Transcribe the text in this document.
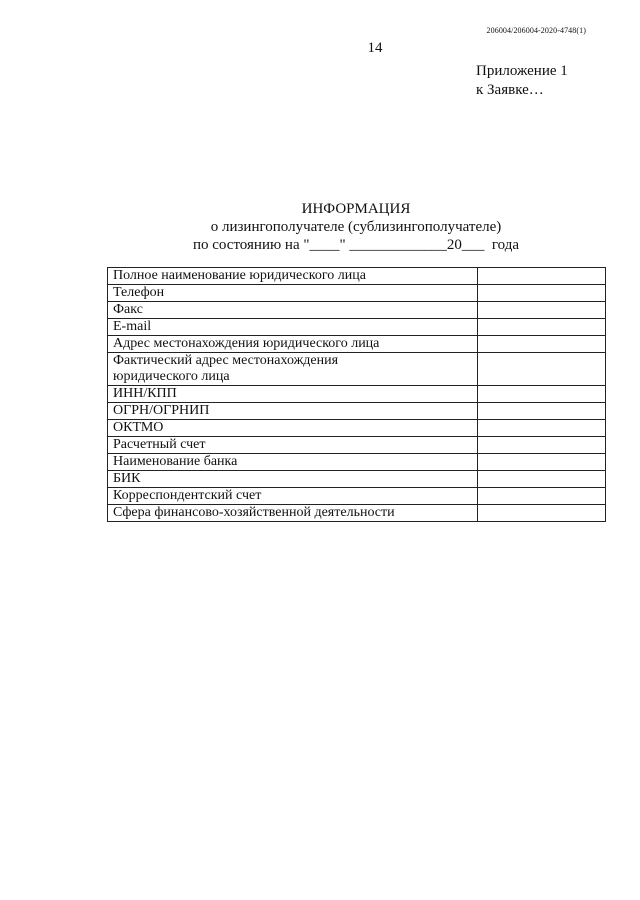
206004/206004-2020-4748(1)
14
Приложение 1
к Заявке…
ИНФОРМАЦИЯ
о лизингополучателе (сублизингополучателе)
по состоянию на "____" _____________20___  года
Полное наименование юридического лица	
Телефон	
Факс	
E-mail	
Адрес местонахождения юридического лица	

Фактический адрес местонахождения
юридического лица	

ИНН/КПП	
ОГРН/ОГРНИП	
ОКТМО	
Расчетный счет	
Наименование банка	
БИК	
Корреспондентский счет	
Сфера финансово-хозяйственной деятельности	
